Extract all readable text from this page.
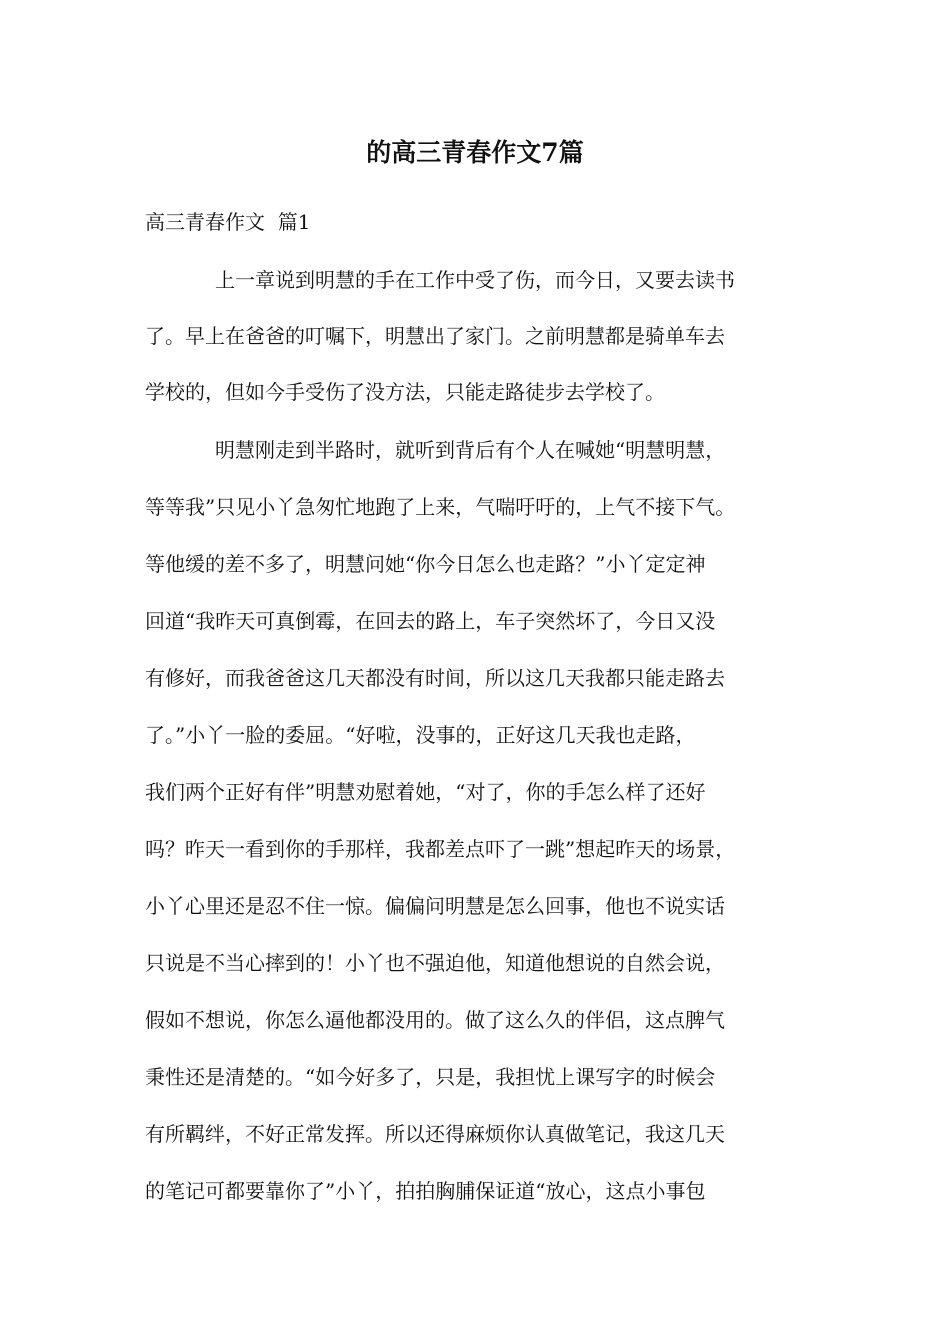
的高三青春作文7篇

高三青春作文  篇1

上一章说到明慧的手在工作中受了伤，而今日，又要去读书

了。早上在爸爸的叮嘱下，明慧出了家门。之前明慧都是骑单车去

学校的，但如今手受伤了没方法，只能走路徒步去学校了。

明慧刚走到半路时，就听到背后有个人在喊她“明慧明慧，

等等我”只见小丫急匆忙地跑了上来，气喘吁吁的，上气不接下气。

等他缓的差不多了，明慧问她“你今日怎么也走路？”小丫定定神

回道“我昨天可真倒霉，在回去的路上，车子突然坏了，今日又没

有修好，而我爸爸这几天都没有时间，所以这几天我都只能走路去

了。”小丫一脸的委屈。“好啦，没事的，正好这几天我也走路，

我们两个正好有伴”明慧劝慰着她，“对了，你的手怎么样了还好

吗？昨天一看到你的手那样，我都差点吓了一跳”想起昨天的场景，

小丫心里还是忍不住一惊。偏偏问明慧是怎么回事，他也不说实话

只说是不当心摔到的！小丫也不强迫他，知道他想说的自然会说，

假如不想说，你怎么逼他都没用的。做了这么久的伴侣，这点脾气

秉性还是清楚的。“如今好多了，只是，我担忧上课写字的时候会

有所羁绊，不好正常发挥。所以还得麻烦你认真做笔记，我这几天

的笔记可都要靠你了”小丫，拍拍胸脯保证道“放心，这点小事包
